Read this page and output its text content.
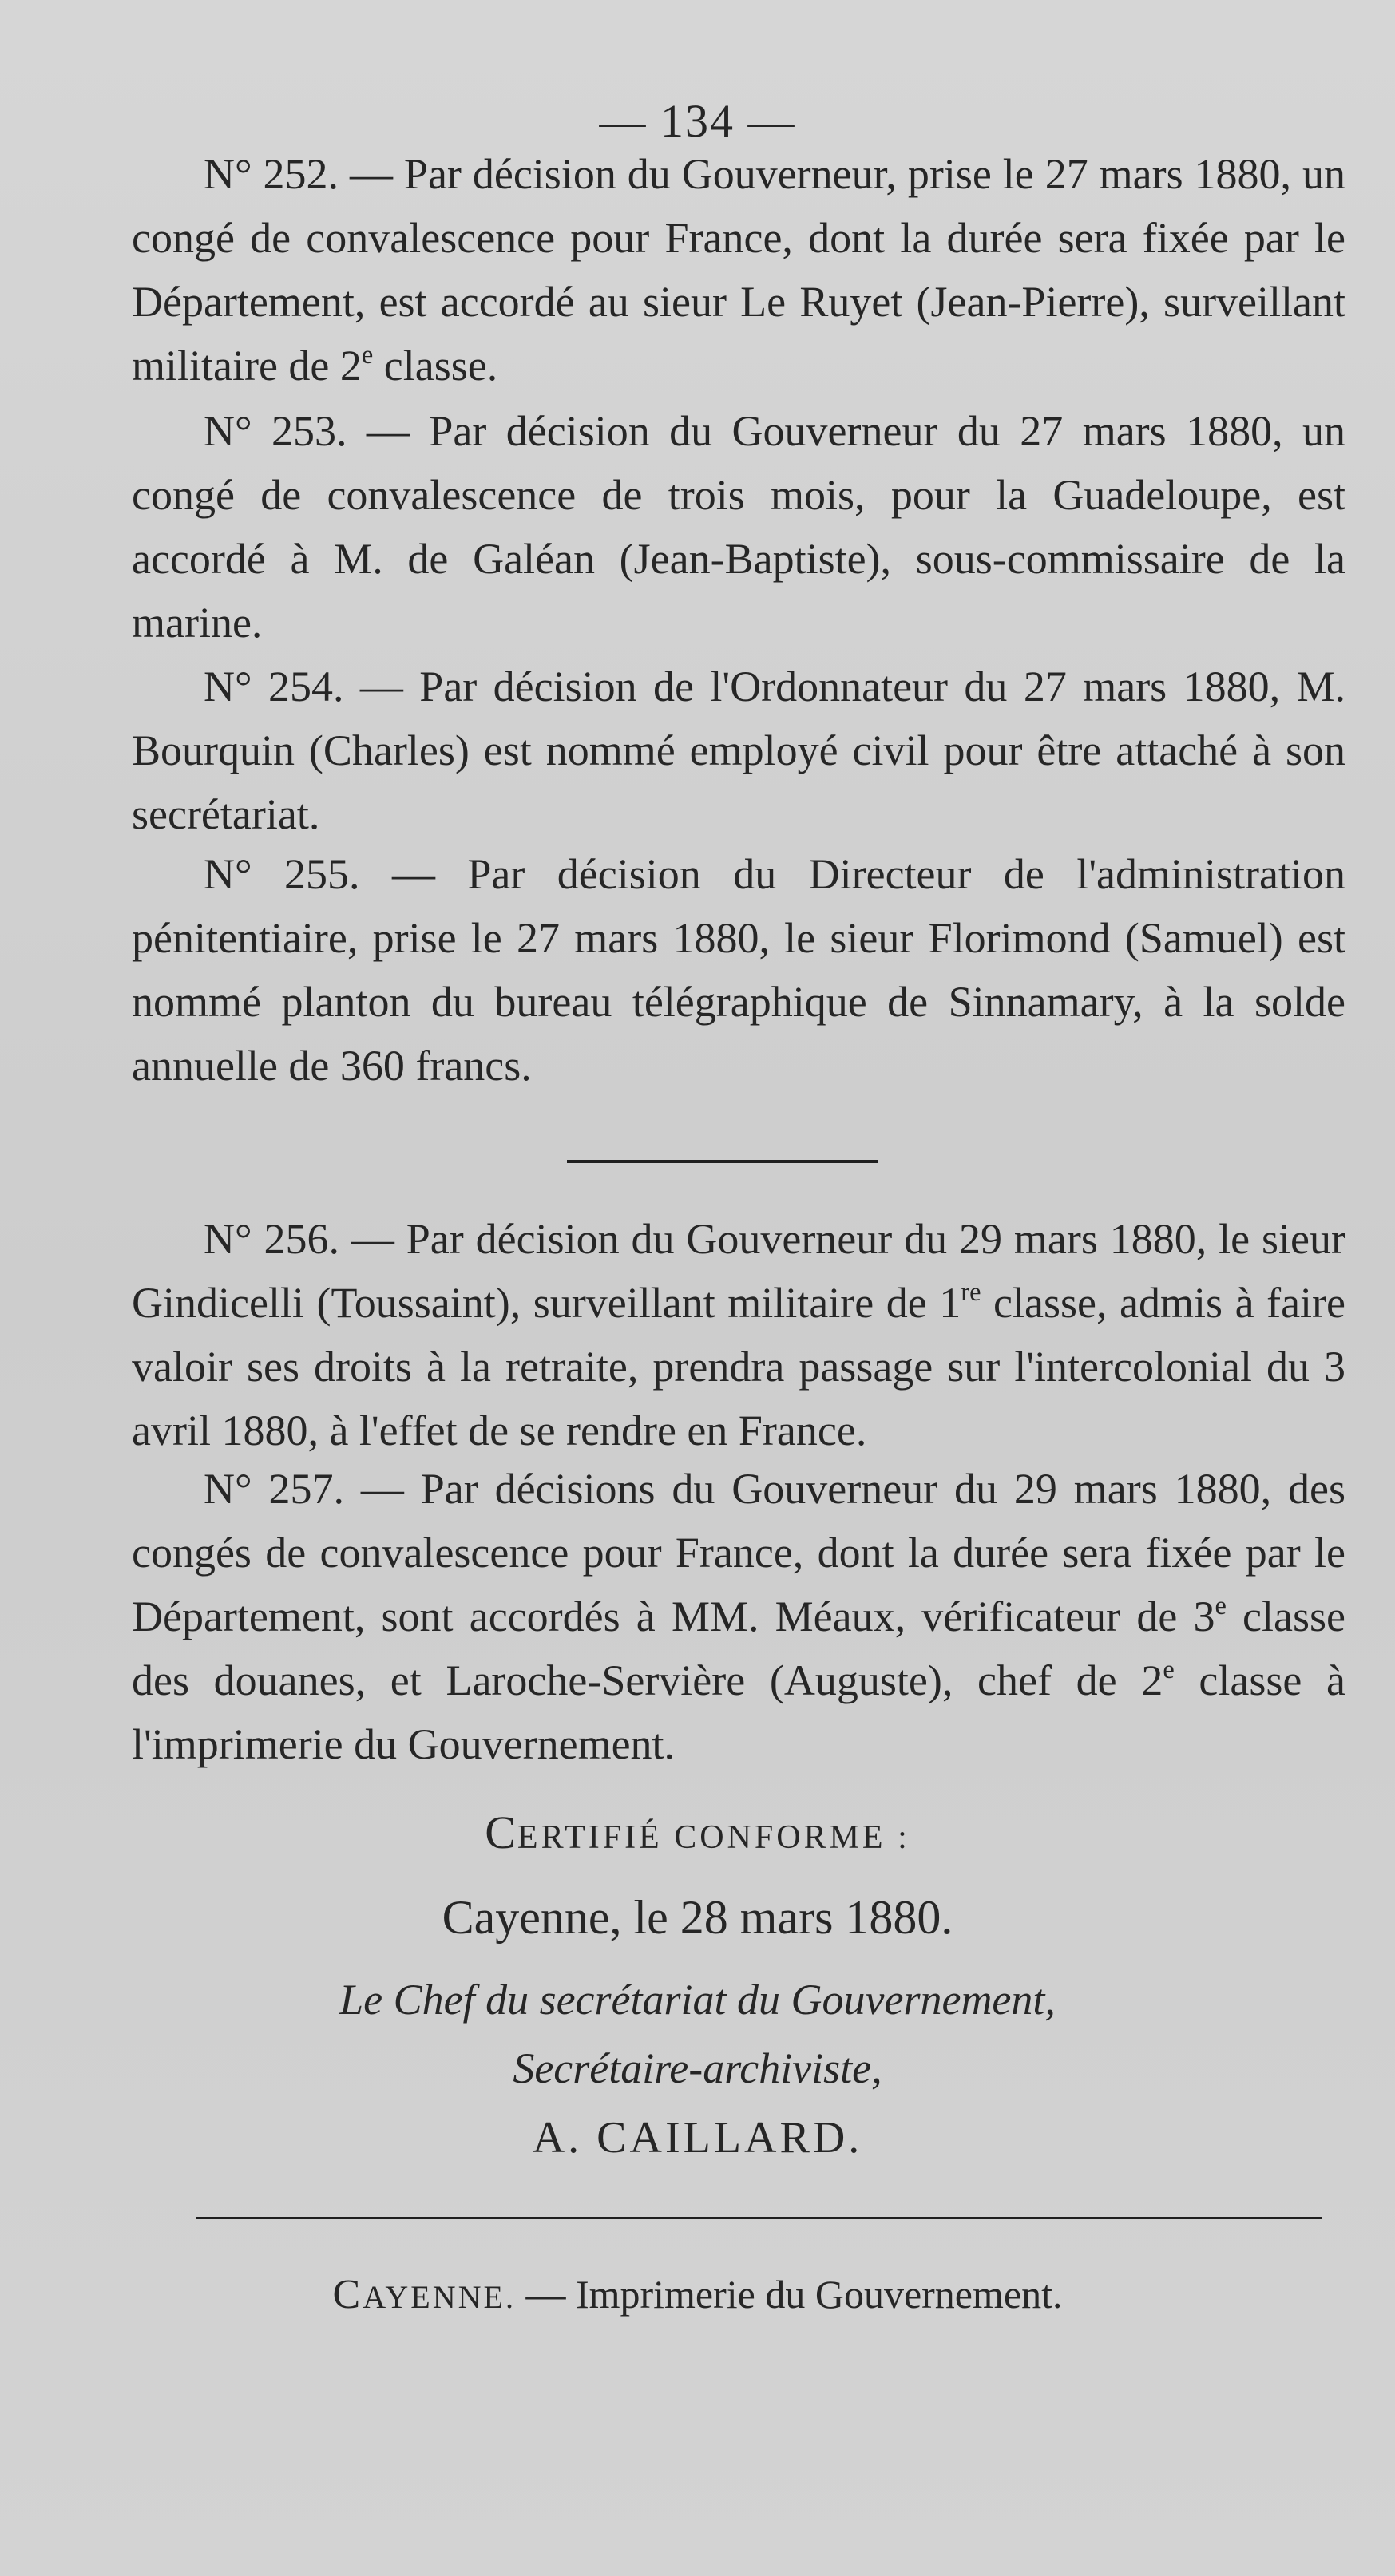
— 134 —

N° 252. — Par décision du Gouverneur, prise le 27 mars 1880, un congé de convalescence pour France, dont la durée sera fixée par le Département, est accordé au sieur Le Ruyet (Jean-Pierre), surveillant militaire de 2e classe.

N° 253. — Par décision du Gouverneur du 27 mars 1880, un congé de convalescence de trois mois, pour la Guadeloupe, est accordé à M. de Galéan (Jean-Baptiste), sous-commissaire de la marine.

N° 254. — Par décision de l'Ordonnateur du 27 mars 1880, M. Bourquin (Charles) est nommé employé civil pour être attaché à son secrétariat.

N° 255. — Par décision du Directeur de l'administration pénitentiaire, prise le 27 mars 1880, le sieur Florimond (Samuel) est nommé planton du bureau télégraphique de Sinnamary, à la solde annuelle de 360 francs.

N° 256. — Par décision du Gouverneur du 29 mars 1880, le sieur Gindicelli (Toussaint), surveillant militaire de 1re classe, admis à faire valoir ses droits à la retraite, prendra passage sur l'intercolonial du 3 avril 1880, à l'effet de se rendre en France.

N° 257. — Par décisions du Gouverneur du 29 mars 1880, des congés de convalescence pour France, dont la durée sera fixée par le Département, sont accordés à MM. Méaux, vérificateur de 3e classe des douanes, et Laroche-Servière (Auguste), chef de 2e classe à l'imprimerie du Gouvernement.

CERTIFIÉ CONFORME :
Cayenne, le 28 mars 1880.
Le Chef du secrétariat du Gouvernement,
Secrétaire-archiviste,
A. CAILLARD.
CAYENNE. — Imprimerie du Gouvernement.
